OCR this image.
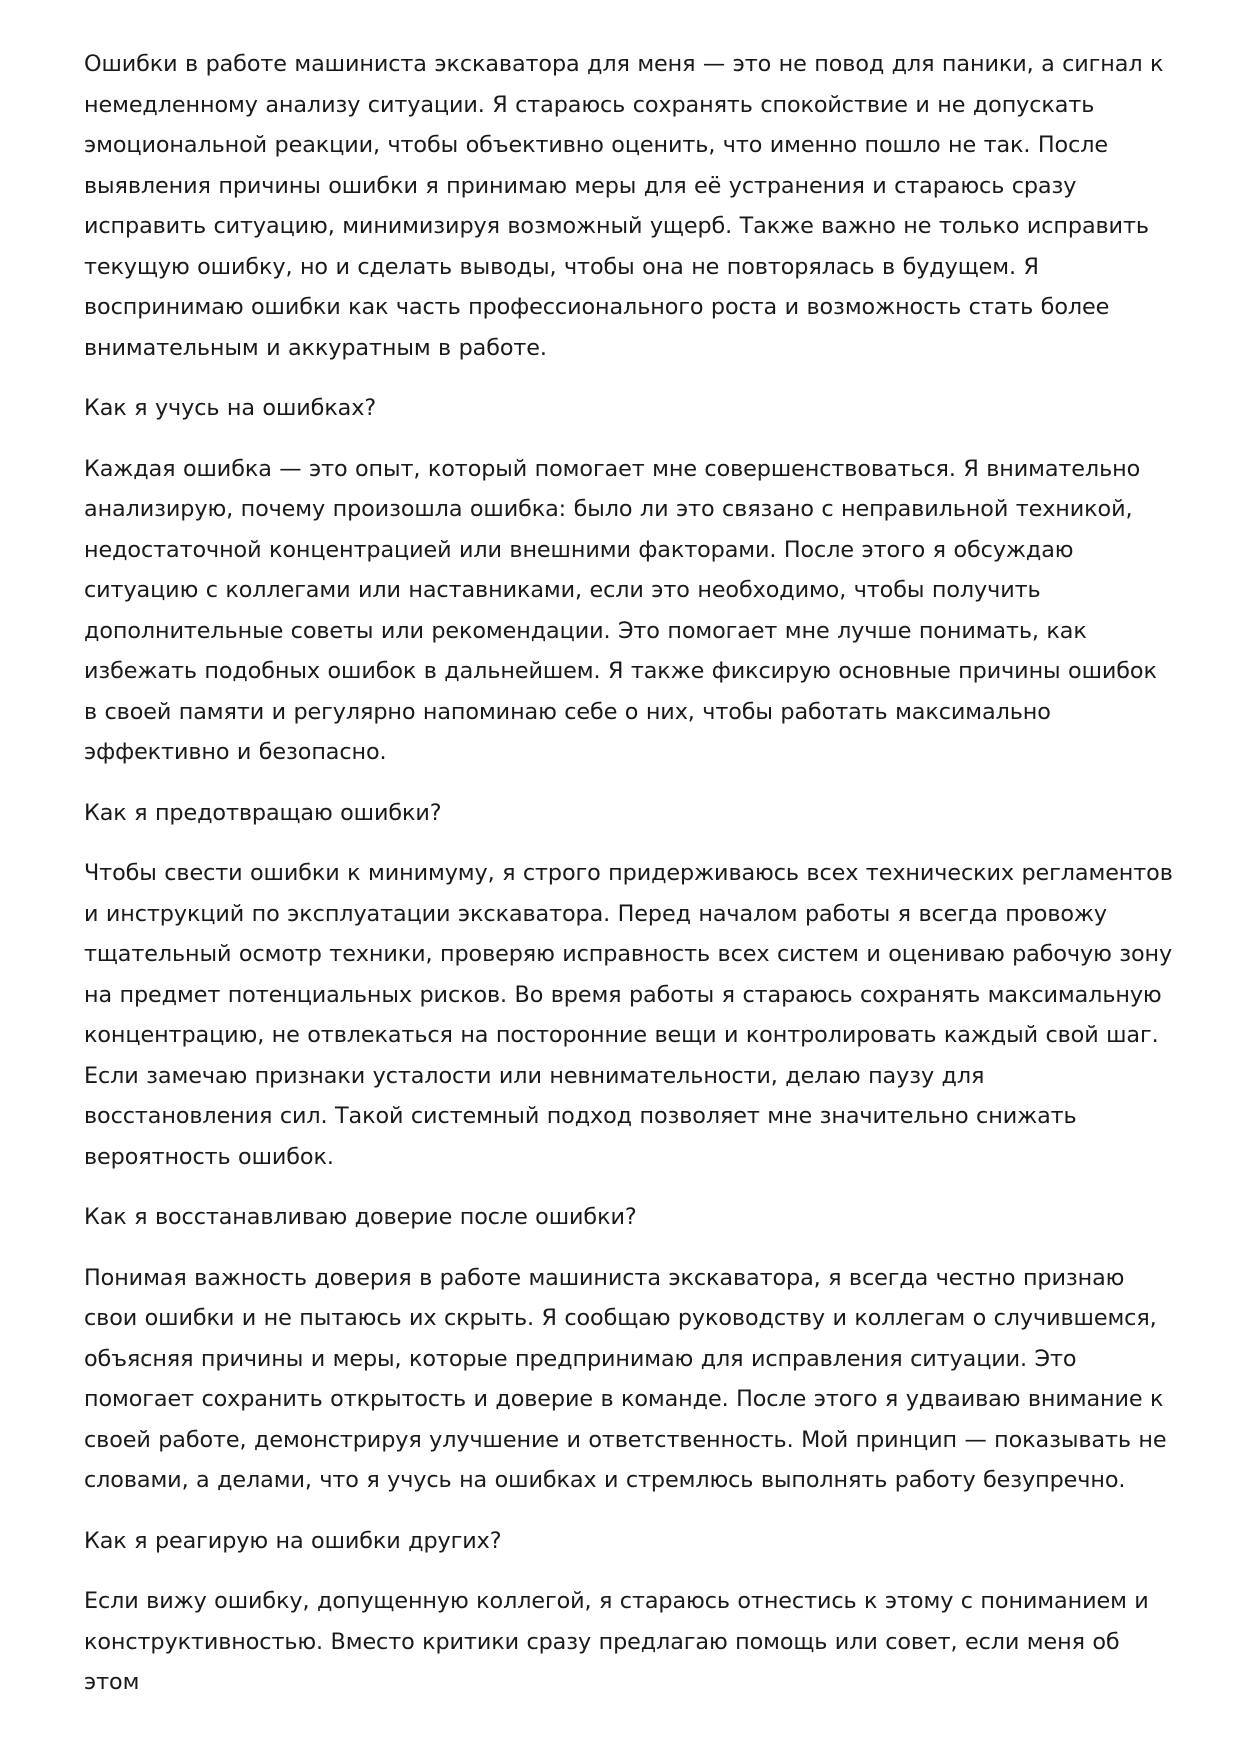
Ошибки в работе машиниста экскаватора для меня — это не повод для паники, а сигнал к немедленному анализу ситуации. Я стараюсь сохранять спокойствие и не допускать эмоциональной реакции, чтобы объективно оценить, что именно пошло не так. После выявления причины ошибки я принимаю меры для её устранения и стараюсь сразу исправить ситуацию, минимизируя возможный ущерб. Также важно не только исправить текущую ошибку, но и сделать выводы, чтобы она не повторялась в будущем. Я воспринимаю ошибки как часть профессионального роста и возможность стать более внимательным и аккуратным в работе.

Как я учусь на ошибках?

Каждая ошибка — это опыт, который помогает мне совершенствоваться. Я внимательно анализирую, почему произошла ошибка: было ли это связано с неправильной техникой, недостаточной концентрацией или внешними факторами. После этого я обсуждаю ситуацию с коллегами или наставниками, если это необходимо, чтобы получить дополнительные советы или рекомендации. Это помогает мне лучше понимать, как избежать подобных ошибок в дальнейшем. Я также фиксирую основные причины ошибок в своей памяти и регулярно напоминаю себе о них, чтобы работать максимально эффективно и безопасно.

Как я предотвращаю ошибки?

Чтобы свести ошибки к минимуму, я строго придерживаюсь всех технических регламентов и инструкций по эксплуатации экскаватора. Перед началом работы я всегда провожу тщательный осмотр техники, проверяю исправность всех систем и оцениваю рабочую зону на предмет потенциальных рисков. Во время работы я стараюсь сохранять максимальную концентрацию, не отвлекаться на посторонние вещи и контролировать каждый свой шаг. Если замечаю признаки усталости или невнимательности, делаю паузу для восстановления сил. Такой системный подход позволяет мне значительно снижать вероятность ошибок.

Как я восстанавливаю доверие после ошибки?

Понимая важность доверия в работе машиниста экскаватора, я всегда честно признаю свои ошибки и не пытаюсь их скрыть. Я сообщаю руководству и коллегам о случившемся, объясняя причины и меры, которые предпринимаю для исправления ситуации. Это помогает сохранить открытость и доверие в команде. После этого я удваиваю внимание к своей работе, демонстрируя улучшение и ответственность. Мой принцип — показывать не словами, а делами, что я учусь на ошибках и стремлюсь выполнять работу безупречно.

Как я реагирую на ошибки других?

Если вижу ошибку, допущенную коллегой, я стараюсь отнестись к этому с пониманием и конструктивностью. Вместо критики сразу предлагаю помощь или совет, если меня об этом
